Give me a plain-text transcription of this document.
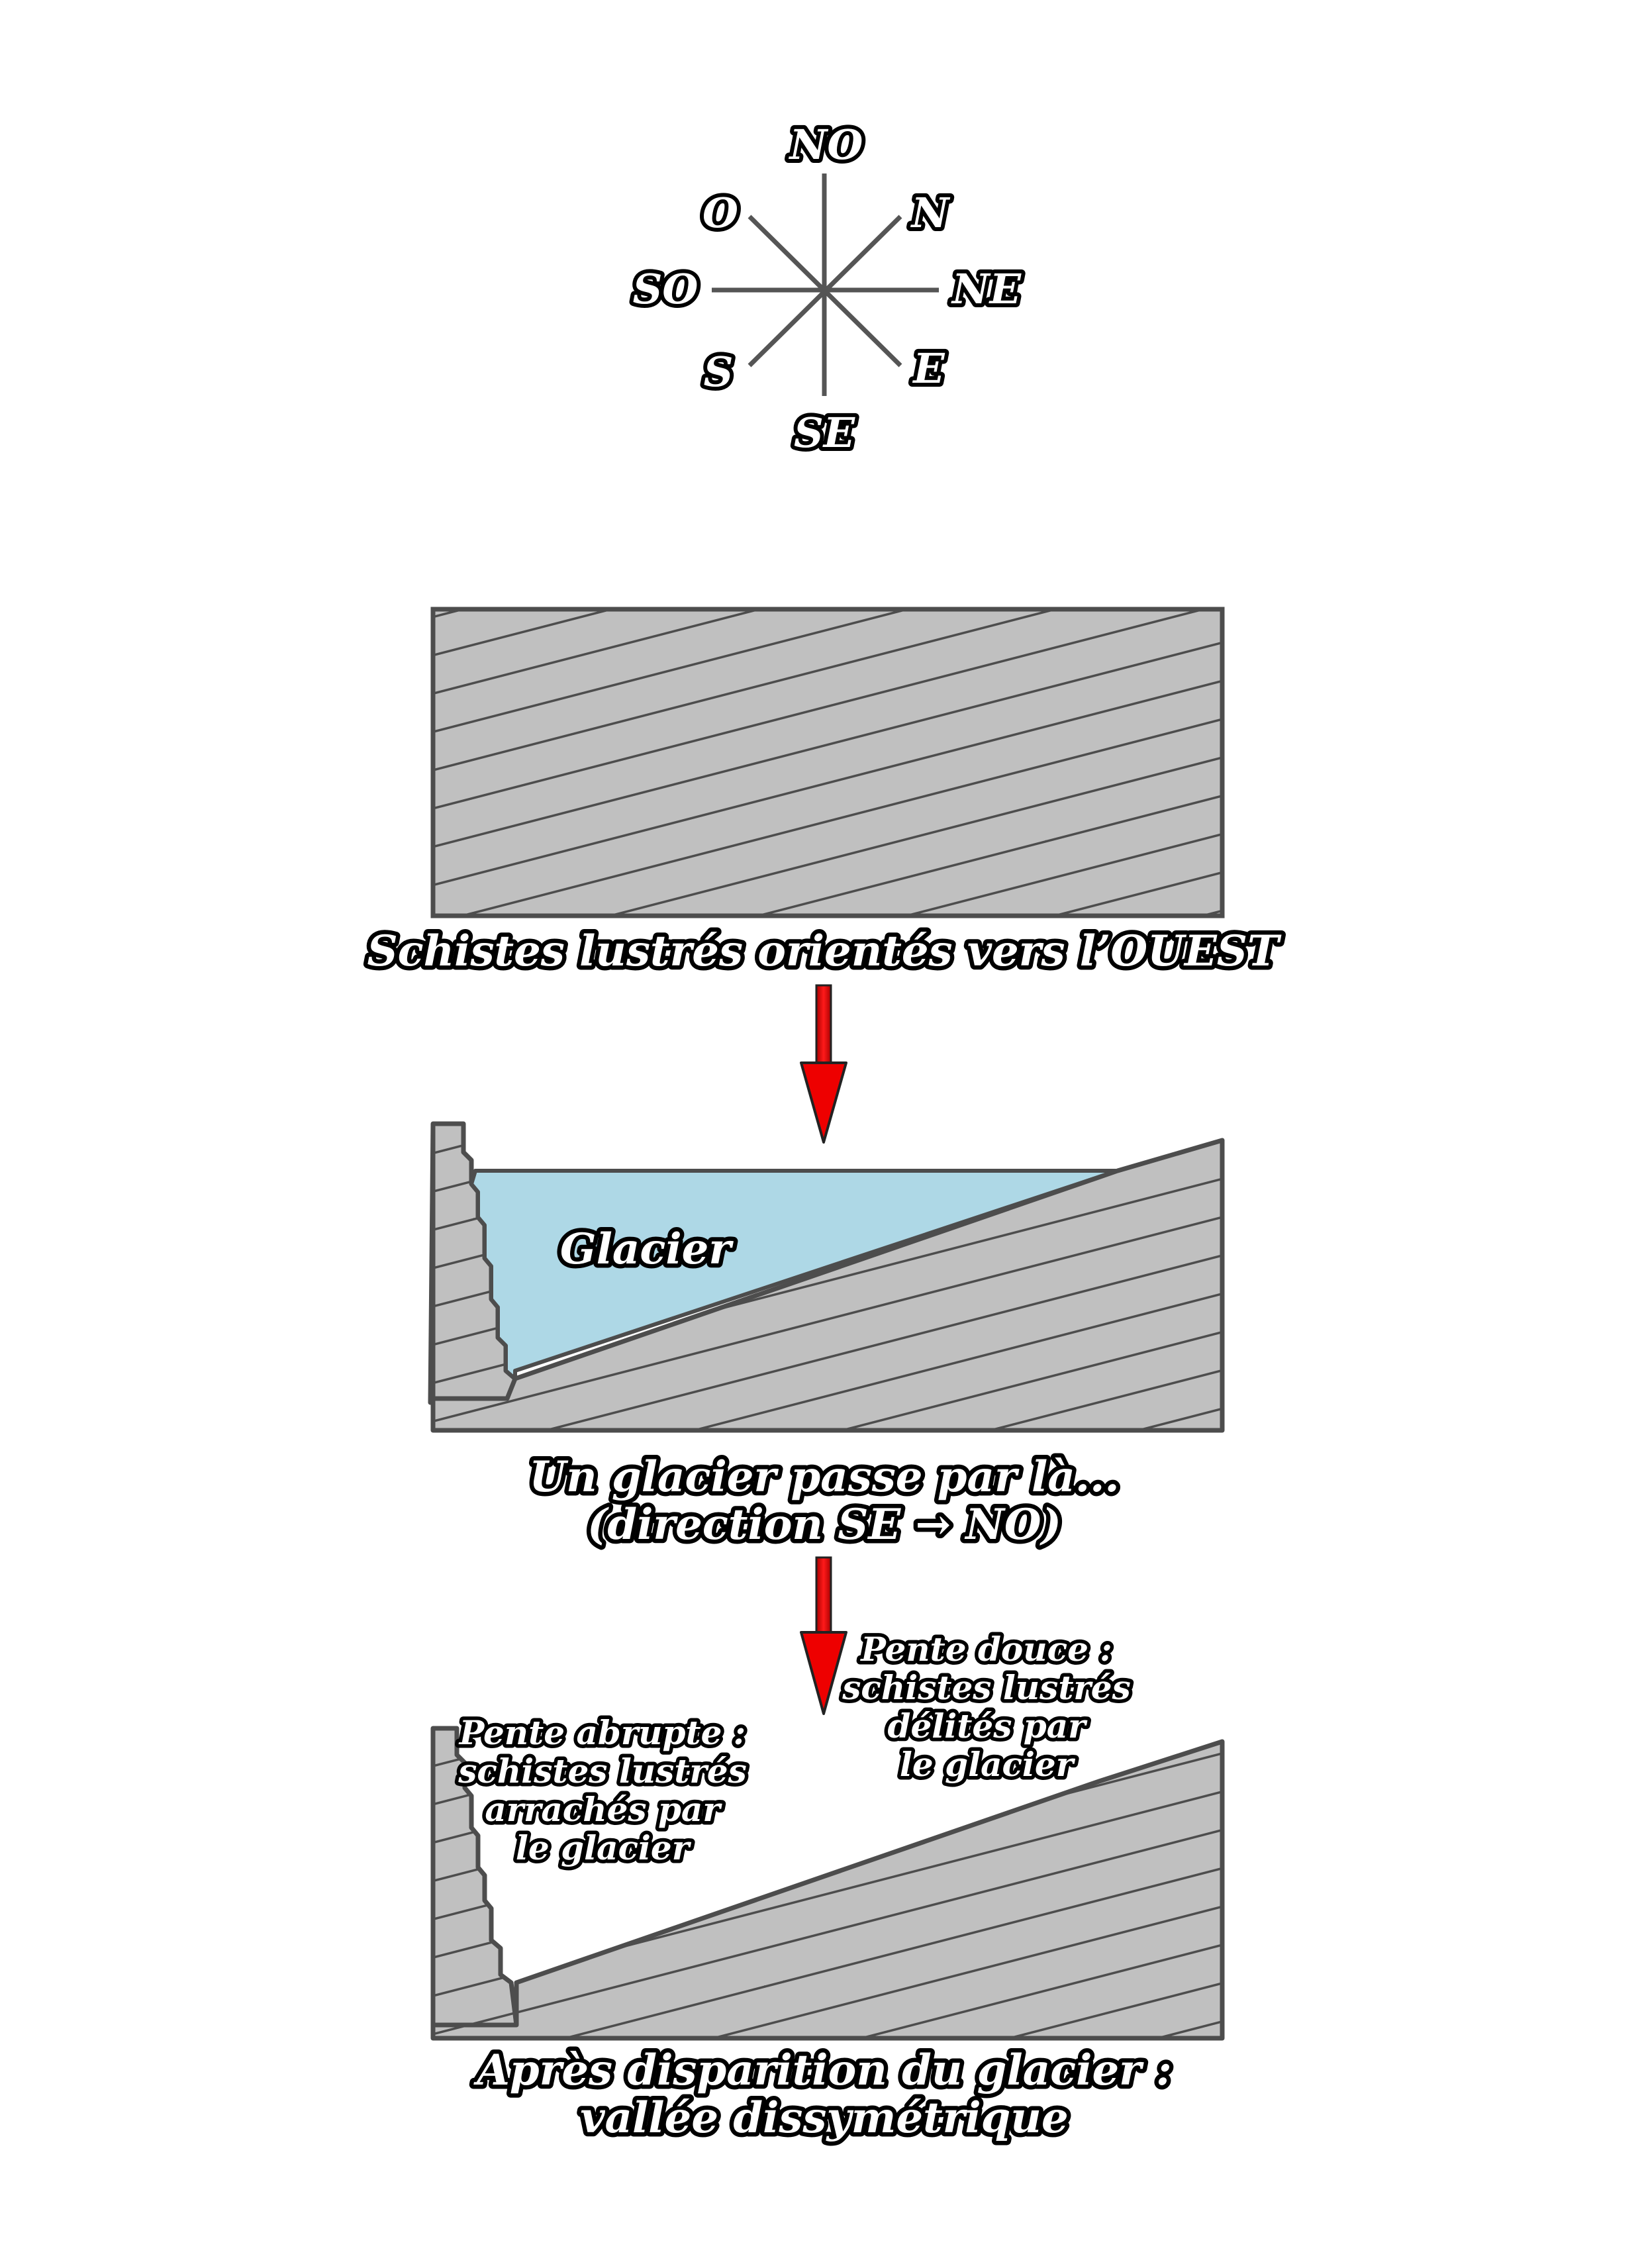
NO
N
NE
E
SE
S
SO
O
Schistes lustrés orientés vers l’OUEST
Glacier
Un glacier passe par là...
(direction SE → NO)
Pente abrupte :
schistes lustrés
arrachés par
le glacier
Pente douce :
schistes lustrés
délités par
le glacier
Après disparition du glacier :
vallée dissymétrique
